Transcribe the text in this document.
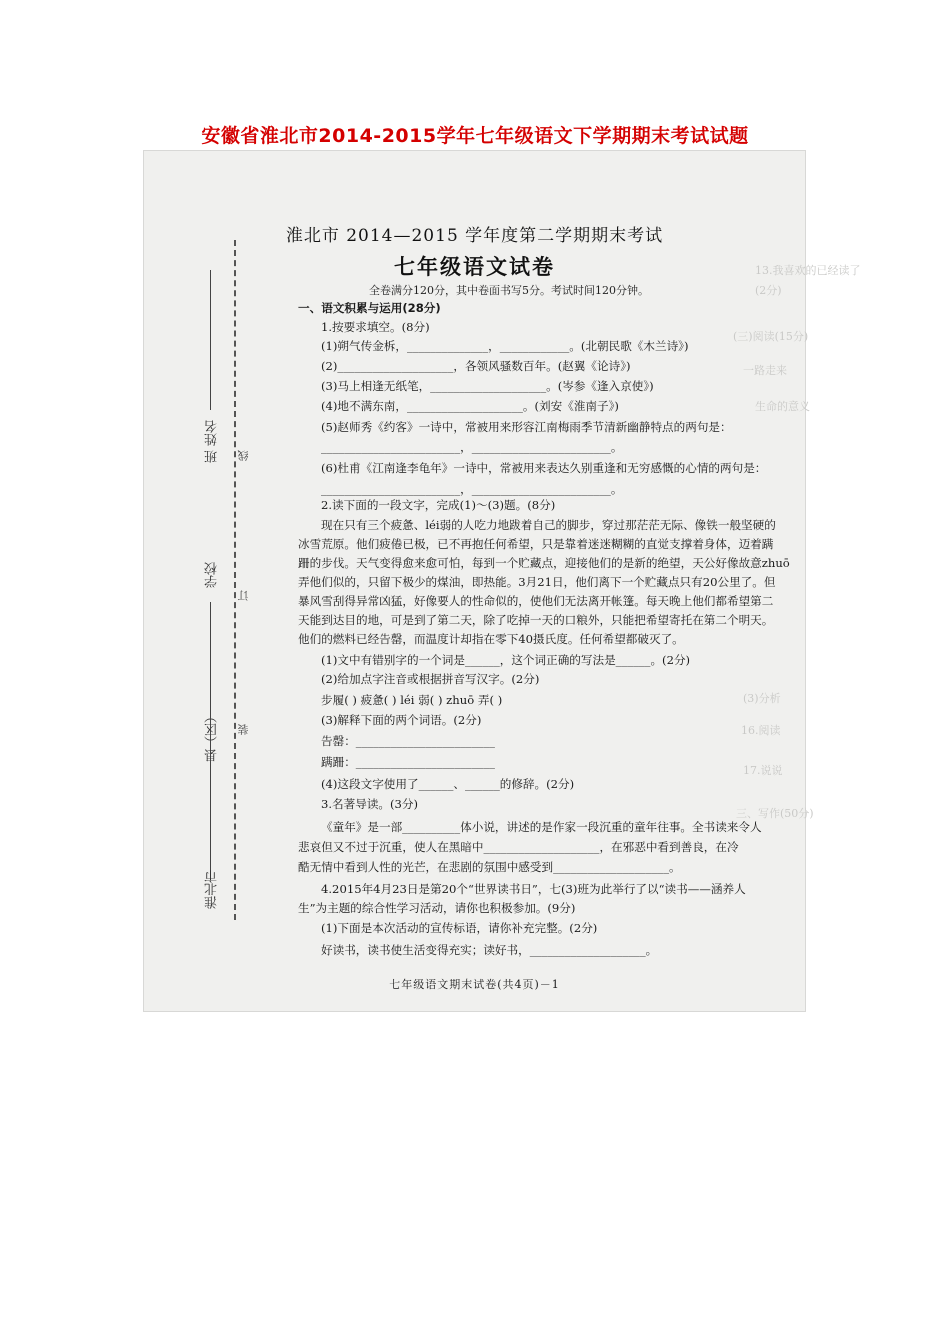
安徽省淮北市2014-2015学年七年级语文下学期期末考试试题
13.我喜欢的已经读了
(2分)
(三)阅读(15分)
一路走来
生命的意义
(3)分析
16.阅读
17.说说
三、写作(50分)
班 姓名
学校
县（区）
淮北市
线
订
装
淮北市 2014—2015 学年度第二学期期末考试
七年级语文试卷
全卷满分120分，其中卷面书写5分。考试时间120分钟。
一、语文积累与运用(28分)
1.按要求填空。(8分)
(1)朔气传金柝，______________，____________。(北朝民歌《木兰诗》)
(2)____________________，各领风骚数百年。(赵翼《论诗》)
(3)马上相逢无纸笔，____________________。(岑参《逢入京使》)
(4)地不满东南，____________________。(刘安《淮南子》)
(5)赵师秀《约客》一诗中，常被用来形容江南梅雨季节清新幽静特点的两句是：
________________________，________________________。
(6)杜甫《江南逢李龟年》一诗中，常被用来表达久别重逢和无穷感慨的心情的两句是：
________________________，________________________。
2.读下面的一段文字，完成(1)～(3)题。(8分)
现在只有三个疲惫、léi弱的人吃力地跋着自己的脚步，穿过那茫茫无际、像铁一般坚硬的
冰雪荒原。他们疲倦已极，已不再抱任何希望，只是靠着迷迷糊糊的直觉支撑着身体，迈着蹒
跚的步伐。天气变得愈来愈可怕，每到一个贮藏点，迎接他们的是新的绝望，天公好像故意zhuō
弄他们似的，只留下极少的煤油，即热能。3月21日，他们离下一个贮藏点只有20公里了。但
暴风雪刮得异常凶猛，好像要人的性命似的，使他们无法离开帐篷。每天晚上他们都希望第二
天能到达目的地，可是到了第二天，除了吃掉一天的口粮外，只能把希望寄托在第二个明天。
他们的燃料已经告罄，而温度计却指在零下40摄氏度。任何希望都破灭了。
(1)文中有错别字的一个词是______，这个词正确的写法是______。(2分)
(2)给加点字注音或根据拼音写汉字。(2分)
步履( ) 疲惫( ) léi 弱( ) zhuō 弄( )
(3)解释下面的两个词语。(2分)
告罄：________________________
蹒跚：________________________
(4)这段文字使用了______、______的修辞。(2分)
3.名著导读。(3分)
《童年》是一部__________体小说，讲述的是作家一段沉重的童年往事。全书读来令人
悲哀但又不过于沉重，使人在黑暗中____________________，在邪恶中看到善良，在冷
酷无情中看到人性的光芒，在悲剧的氛围中感受到____________________。
4.2015年4月23日是第20个“世界读书日”，七(3)班为此举行了以“读书——涵养人
生”为主题的综合性学习活动，请你也积极参加。(9分)
(1)下面是本次活动的宣传标语，请你补充完整。(2分)
好读书，读书使生活变得充实；读好书，____________________。
七年级语文期末试卷(共4页)－1
